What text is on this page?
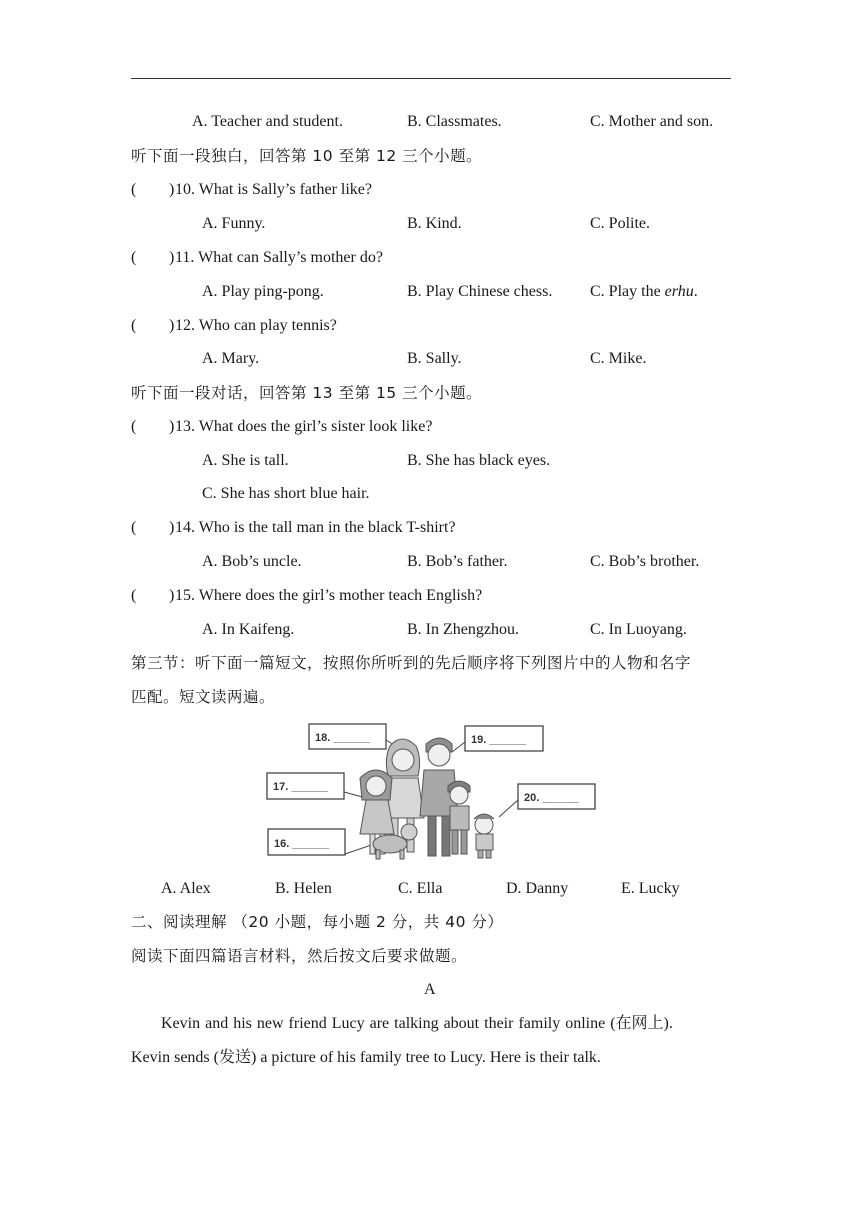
A. Teacher and student.	B. Classmates.	C. Mother and son.
听下面一段独白，回答第 10 至第 12 三个小题。
( ) 10. What is Sally’s father like?
A. Funny.	B. Kind.	C. Polite.
( ) 11. What can Sally’s mother do?
A. Play ping-pong.	B. Play Chinese chess. C. Play the erhu.
( ) 12. Who can play tennis?
A. Mary.	B. Sally.	C. Mike.
听下面一段对话，回答第 13 至第 15 三个小题。
( ) 13. What does the girl’s sister look like?
A. She is tall.	B. She has black eyes.
C. She has short blue hair.
( ) 14. Who is the tall man in the black T-shirt?
A. Bob’s uncle.	B. Bob’s father.	C. Bob’s brother.
( ) 15. Where does the girl’s mother teach English?
A. In Kaifeng.	B. In Zhengzhou.	C. In Luoyang.
第三节：听下面一篇短文，按照你所听到的先后顺序将下列图片中的人物和名字
匹配。短文读两遍。
18. ______	19. ______
17. ______
20. ______
16. ______
A. Alex	B. Helen	C. Ella	D. Danny	E. Lucky
二、阅读理解 （20 小题，每小题 2 分，共 40 分）
阅读下面四篇语言材料，然后按文后要求做题。
A
Kevin and his new friend Lucy are talking about their family online (在网上).
Kevin sends (发送) a picture of his family tree to Lucy. Here is their talk.
